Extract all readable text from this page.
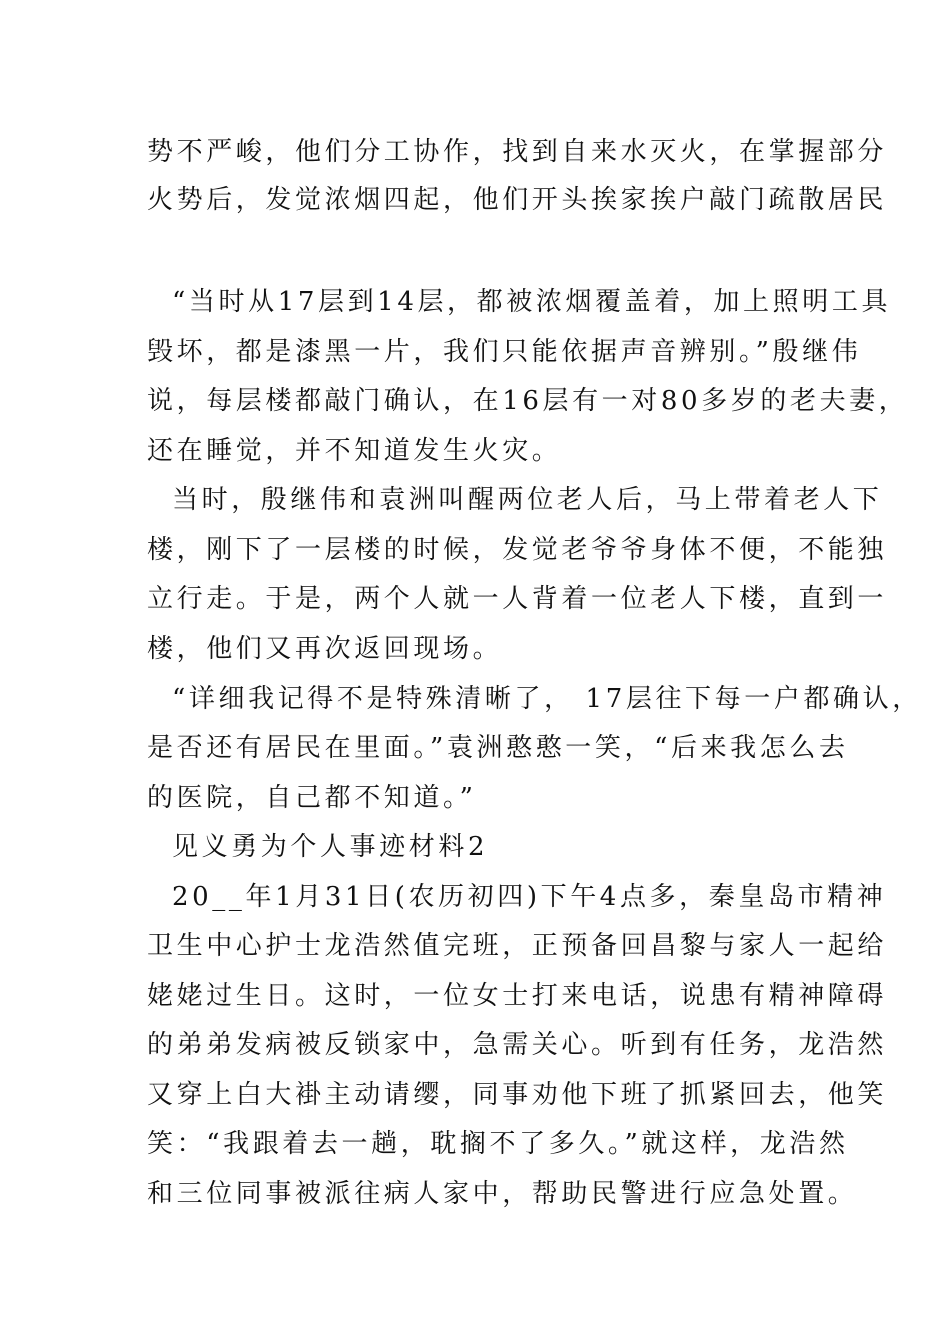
势不严峻，他们分工协作，找到自来水灭火，在掌握部分
火势后，发觉浓烟四起，他们开头挨家挨户敲门疏散居民
“当时从17层到14层，都被浓烟覆盖着，加上照明工具
毁坏，都是漆黑一片，我们只能依据声音辨别。”殷继伟
说，每层楼都敲门确认，在16层有一对80多岁的老夫妻，
还在睡觉，并不知道发生火灾。
当时，殷继伟和袁洲叫醒两位老人后，马上带着老人下
楼，刚下了一层楼的时候，发觉老爷爷身体不便，不能独
立行走。于是，两个人就一人背着一位老人下楼，直到一
楼，他们又再次返回现场。
“详细我记得不是特殊清晰了， 17层往下每一户都确认，
是否还有居民在里面。”袁洲憨憨一笑，“后来我怎么去
的医院，自己都不知道。”
见义勇为个人事迹材料2
20__年1月31日(农历初四)下午4点多，秦皇岛市精神
卫生中心护士龙浩然值完班，正预备回昌黎与家人一起给
姥姥过生日。这时，一位女士打来电话，说患有精神障碍
的弟弟发病被反锁家中，急需关心。听到有任务，龙浩然
又穿上白大褂主动请缨，同事劝他下班了抓紧回去，他笑
笑：“我跟着去一趟，耽搁不了多久。”就这样，龙浩然
和三位同事被派往病人家中，帮助民警进行应急处置。
